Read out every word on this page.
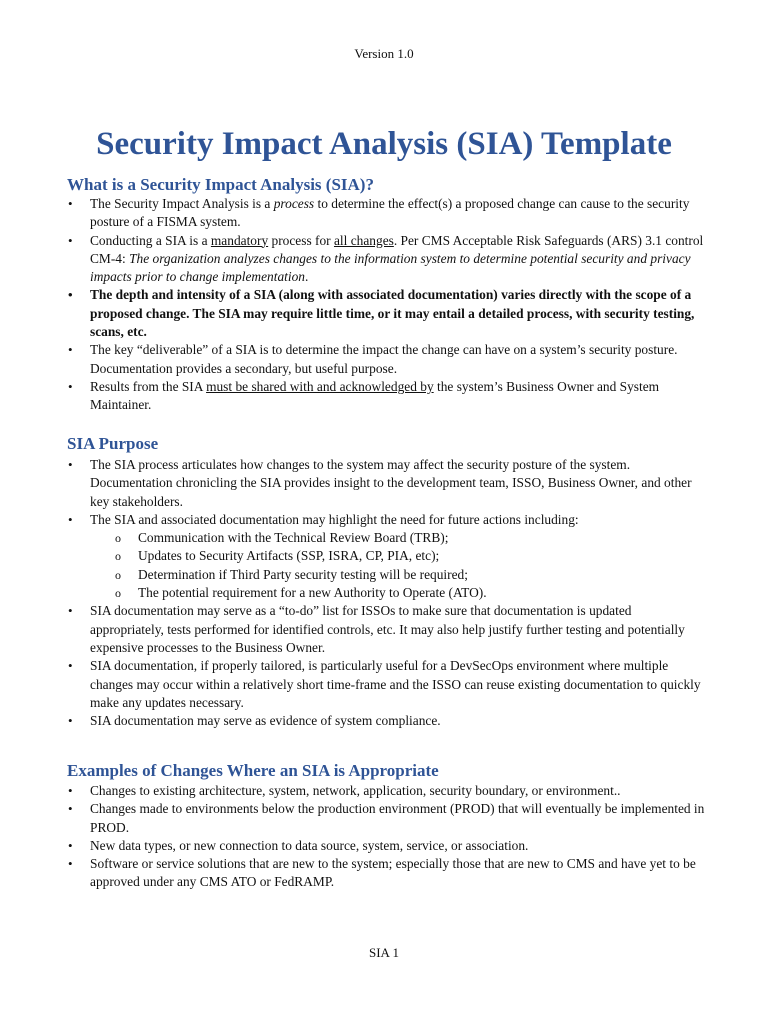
Version 1.0
Security Impact Analysis (SIA) Template
What is a Security Impact Analysis (SIA)?
• The Security Impact Analysis is a process to determine the effect(s) a proposed change can cause to the security posture of a FISMA system.
• Conducting a SIA is a mandatory process for all changes. Per CMS Acceptable Risk Safeguards (ARS) 3.1 control CM-4: The organization analyzes changes to the information system to determine potential security and privacy impacts prior to change implementation.
• The depth and intensity of a SIA (along with associated documentation) varies directly with the scope of a proposed change. The SIA may require little time, or it may entail a detailed process, with security testing, scans, etc.
• The key “deliverable” of a SIA is to determine the impact the change can have on a system’s security posture. Documentation provides a secondary, but useful purpose.
• Results from the SIA must be shared with and acknowledged by the system’s Business Owner and System Maintainer.
SIA Purpose
• The SIA process articulates how changes to the system may affect the security posture of the system. Documentation chronicling the SIA provides insight to the development team, ISSO, Business Owner, and other key stakeholders.
• The SIA and associated documentation may highlight the need for future actions including:
o Communication with the Technical Review Board (TRB);
o Updates to Security Artifacts (SSP, ISRA, CP, PIA, etc);
o Determination if Third Party security testing will be required;
o The potential requirement for a new Authority to Operate (ATO).
• SIA documentation may serve as a “to-do” list for ISSOs to make sure that documentation is updated appropriately, tests performed for identified controls, etc. It may also help justify further testing and potentially expensive processes to the Business Owner.
• SIA documentation, if properly tailored, is particularly useful for a DevSecOps environment where multiple changes may occur within a relatively short time-frame and the ISSO can reuse existing documentation to quickly make any updates necessary.
• SIA documentation may serve as evidence of system compliance.
Examples of Changes Where an SIA is Appropriate
• Changes to existing architecture, system, network, application, security boundary, or environment..
• Changes made to environments below the production environment (PROD) that will eventually be implemented in PROD.
• New data types, or new connection to data source, system, service, or association.
• Software or service solutions that are new to the system; especially those that are new to CMS and have yet to be approved under any CMS ATO or FedRAMP.
SIA 1
